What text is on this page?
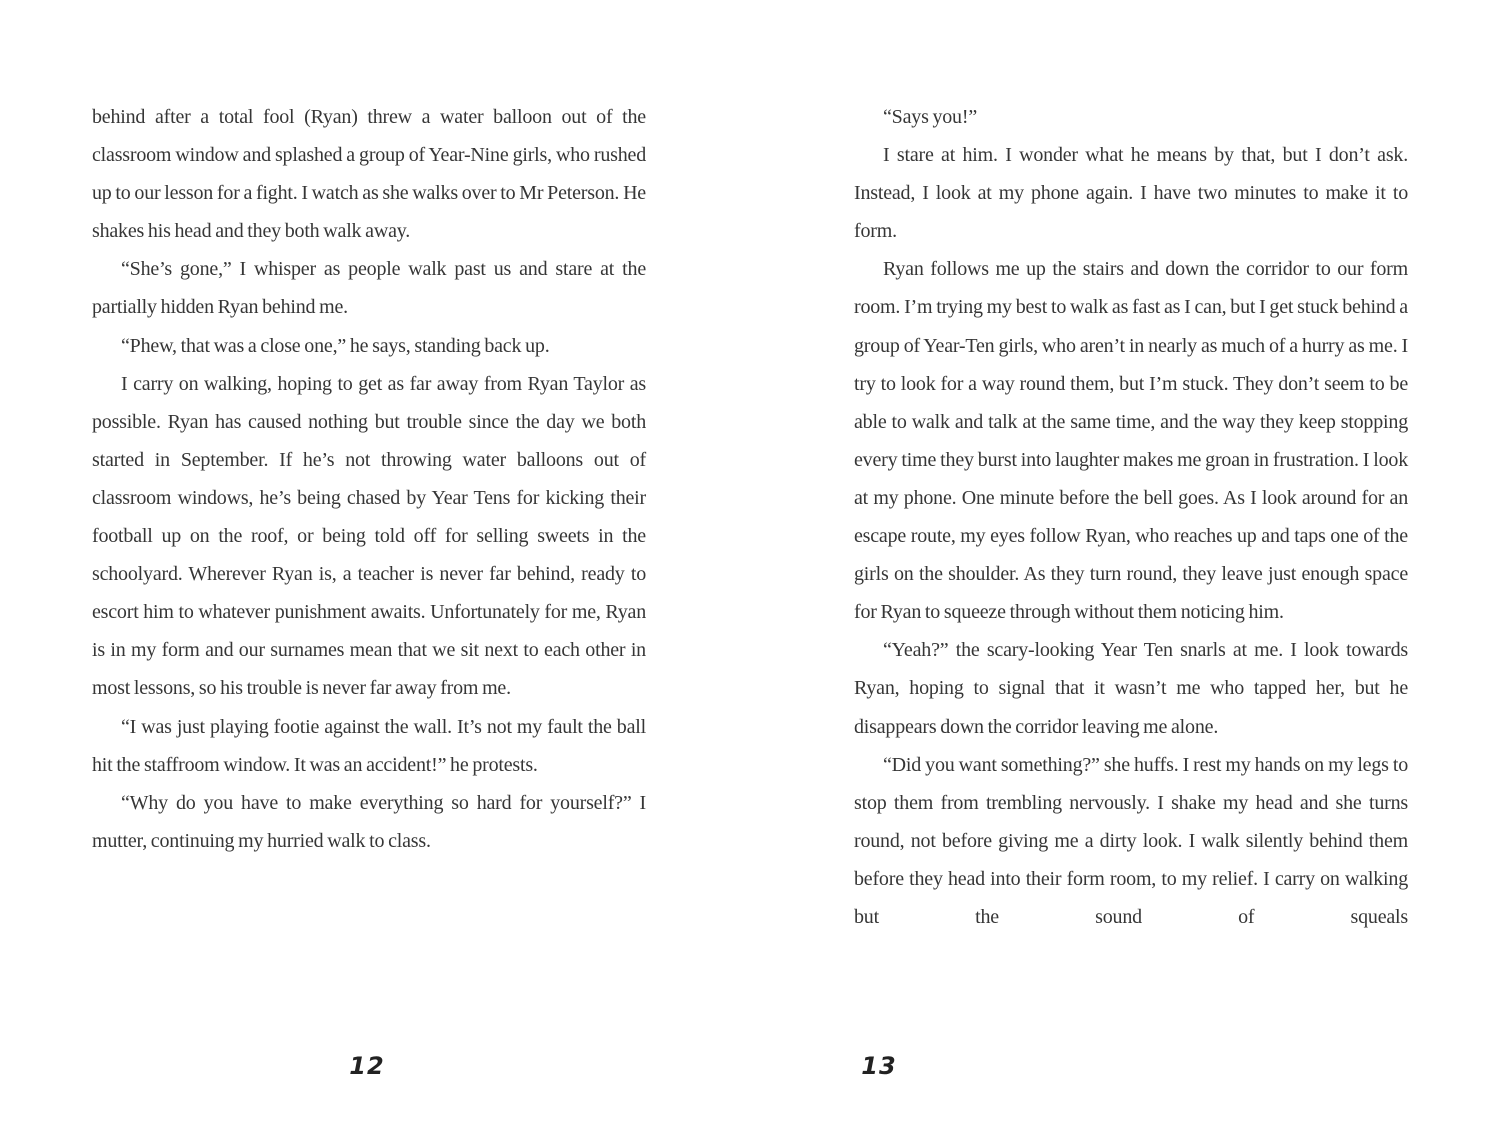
behind after a total fool (Ryan) threw a water balloon out of the classroom window and splashed a group of Year-Nine girls, who rushed up to our lesson for a fight. I watch as she walks over to Mr Peterson. He shakes his head and they both walk away.

“She’s gone,” I whisper as people walk past us and stare at the partially hidden Ryan behind me.

“Phew, that was a close one,” he says, standing back up.

I carry on walking, hoping to get as far away from Ryan Taylor as possible. Ryan has caused nothing but trouble since the day we both started in September. If he’s not throwing water balloons out of classroom windows, he’s being chased by Year Tens for kicking their football up on the roof, or being told off for selling sweets in the schoolyard. Wherever Ryan is, a teacher is never far behind, ready to escort him to whatever punishment awaits. Unfortunately for me, Ryan is in my form and our surnames mean that we sit next to each other in most lessons, so his trouble is never far away from me.

“I was just playing footie against the wall. It’s not my fault the ball hit the staffroom window. It was an accident!” he protests.

“Why do you have to make everything so hard for yourself?” I mutter, continuing my hurried walk to class.

12

“Says you!”

I stare at him. I wonder what he means by that, but I don’t ask. Instead, I look at my phone again. I have two minutes to make it to form.

Ryan follows me up the stairs and down the corridor to our form room. I’m trying my best to walk as fast as I can, but I get stuck behind a group of Year-Ten girls, who aren’t in nearly as much of a hurry as me. I try to look for a way round them, but I’m stuck. They don’t seem to be able to walk and talk at the same time, and the way they keep stopping every time they burst into laughter makes me groan in frustration. I look at my phone. One minute before the bell goes. As I look around for an escape route, my eyes follow Ryan, who reaches up and taps one of the girls on the shoulder. As they turn round, they leave just enough space for Ryan to squeeze through without them noticing him.

“Yeah?” the scary-looking Year Ten snarls at me. I look towards Ryan, hoping to signal that it wasn’t me who tapped her, but he disappears down the corridor leaving me alone.

“Did you want something?” she huffs. I rest my hands on my legs to stop them from trembling nervously. I shake my head and she turns round, not before giving me a dirty look. I walk silently behind them before they head into their form room, to my relief. I carry on walking but the sound of squeals

13
